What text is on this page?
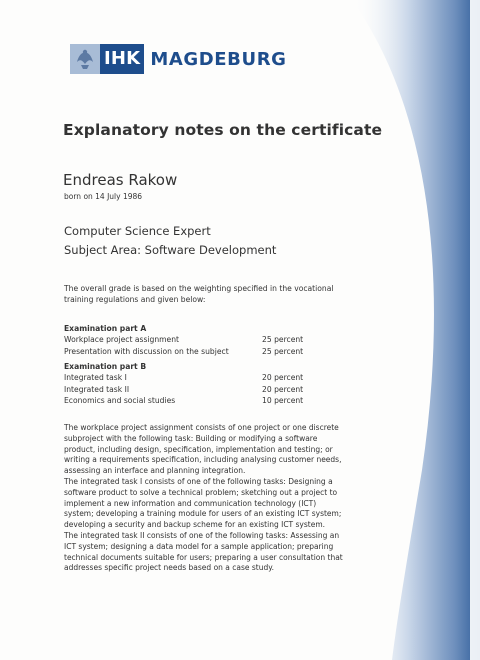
IHK MAGDEBURG
Explanatory notes on the certificate
Endreas Rakow
born on 14 July 1986
Computer Science Expert
Subject Area: Software Development
The overall grade is based on the weighting specified in the vocational training regulations and given below:
Examination part A
Workplace project assignment	25 percent
Presentation with discussion on the subject	25 percent
Examination part B
Integrated task I	20 percent
Integrated task II	20 percent
Economics and social studies	10 percent

The workplace project assignment consists of one project or one discrete subproject with the following task: Building or modifying a software product, including design, specification, implementation and testing; or writing a requirements specification, including analysing customer needs, assessing an interface and planning integration.

The integrated task I consists of one of the following tasks: Designing a software product to solve a technical problem; sketching out a project to implement a new information and communication technology (ICT) system; developing a training module for users of an existing ICT system; developing a security and backup scheme for an existing ICT system.

The integrated task II consists of one of the following tasks: Assessing an ICT system; designing a data model for a sample application; preparing technical documents suitable for users; preparing a user consultation that addresses specific project needs based on a case study.
